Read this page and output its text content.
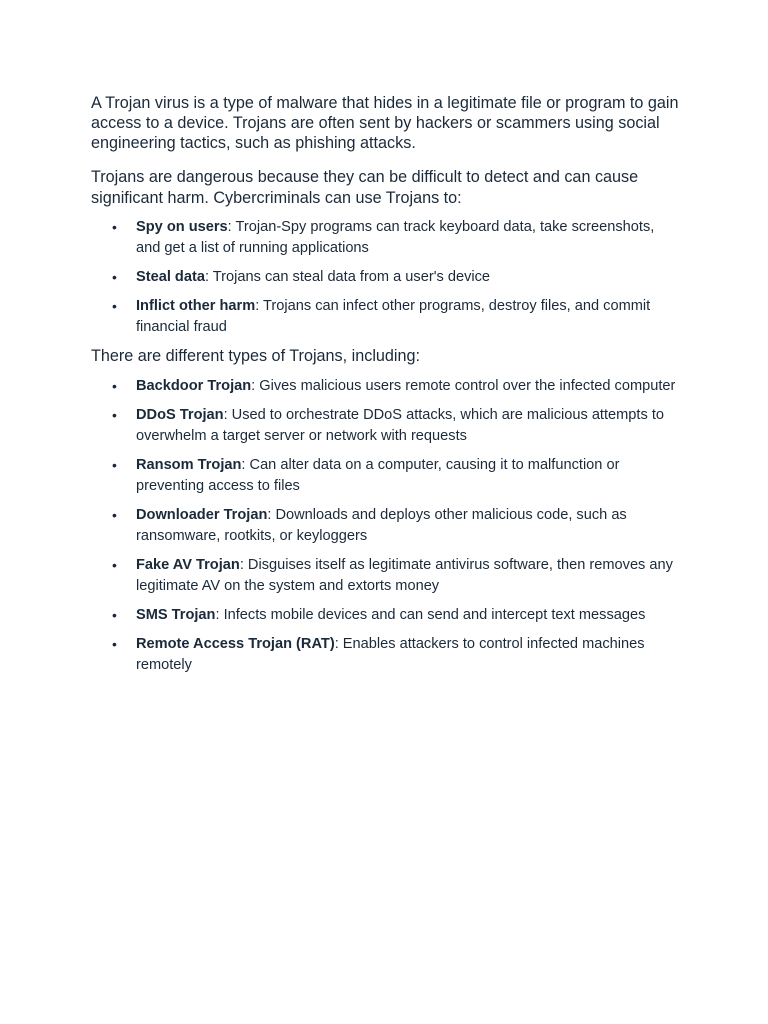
A Trojan virus is a type of malware that hides in a legitimate file or program to gain access to a device. Trojans are often sent by hackers or scammers using social engineering tactics, such as phishing attacks.

Trojans are dangerous because they can be difficult to detect and can cause significant harm. Cybercriminals can use Trojans to:

• Spy on users: Trojan-Spy programs can track keyboard data, take screenshots, and get a list of running applications
• Steal data: Trojans can steal data from a user's device
• Inflict other harm: Trojans can infect other programs, destroy files, and commit financial fraud

There are different types of Trojans, including:

• Backdoor Trojan: Gives malicious users remote control over the infected computer
• DDoS Trojan: Used to orchestrate DDoS attacks, which are malicious attempts to overwhelm a target server or network with requests
• Ransom Trojan: Can alter data on a computer, causing it to malfunction or preventing access to files
• Downloader Trojan: Downloads and deploys other malicious code, such as ransomware, rootkits, or keyloggers
• Fake AV Trojan: Disguises itself as legitimate antivirus software, then removes any legitimate AV on the system and extorts money
• SMS Trojan: Infects mobile devices and can send and intercept text messages
• Remote Access Trojan (RAT): Enables attackers to control infected machines remotely
